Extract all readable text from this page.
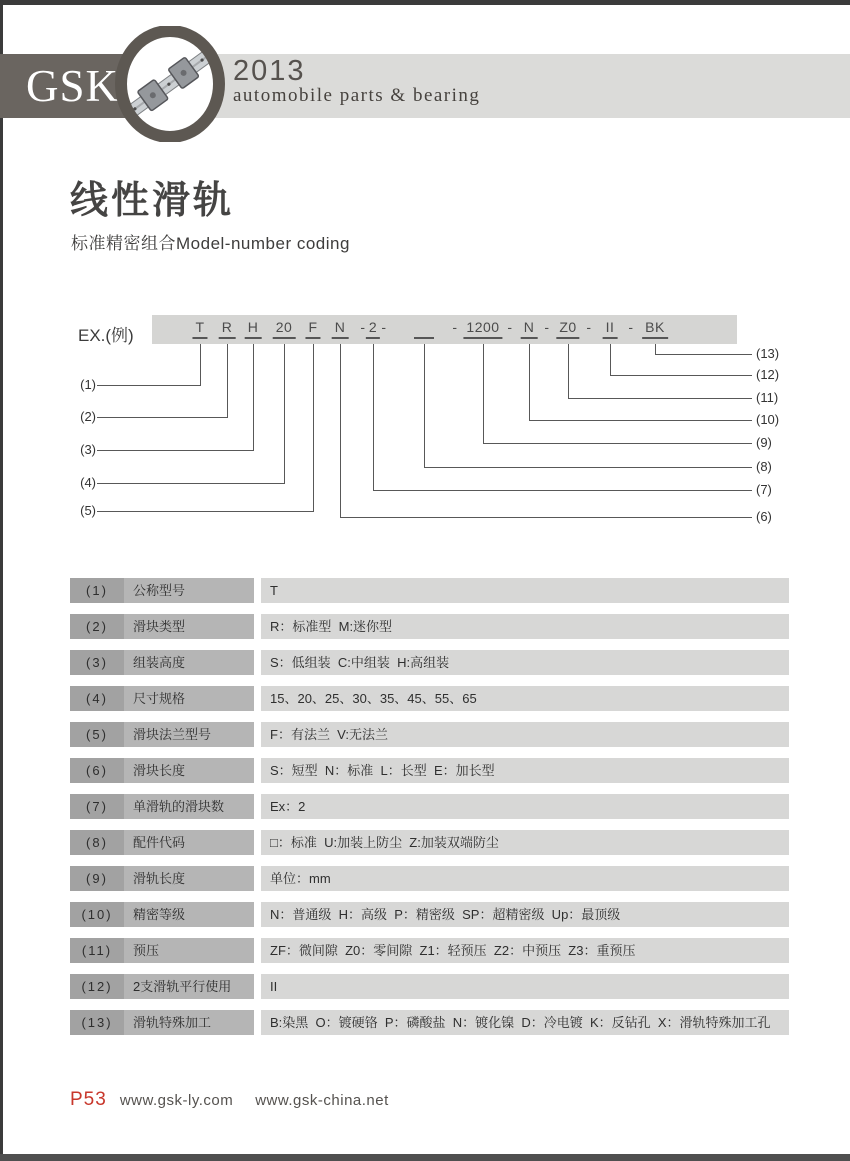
GSK	2013
automobile parts & bearing
线性滑轨
标准精密组合Model-number coding
EX.(例)	T
(1)
R
(2)
H
(3)
20
(4)
F
(5)
N
(6)
- 2
(7)
-
(8)
- 1200
(9)
- N
(10)
- Z0
(11)
- II
(12)
- BK
(13)
(1)	公称型号	T
(2)	滑块类型	R：标准型  M:迷你型
(3)	组装高度	S：低组装  C:中组装  H:高组装
(4)	尺寸规格	15、20、25、30、35、45、55、65
(5)	滑块法兰型号	F：有法兰  V:无法兰
(6)	滑块长度	S：短型  N：标准  L：长型  E：加长型
(7)	单滑轨的滑块数	Ex：2
(8)	配件代码	□：标准  U:加装上防尘  Z:加装双端防尘
(9)	滑轨长度	单位：mm
(10)	精密等级	N：普通级  H：高级  P：精密级  SP：超精密级  Up：最顶级
(11)	预压	ZF：微间隙  Z0：零间隙  Z1：轻预压  Z2：中预压  Z3：重预压
(12)	2支滑轨平行使用	II
(13)	滑轨特殊加工	B:染黑  O：镀硬铬  P：磷酸盐  N：镀化镍  D：冷电镀  K：反钻孔  X：滑轨特殊加工孔
P53 www.gsk-ly.com www.gsk-china.net
